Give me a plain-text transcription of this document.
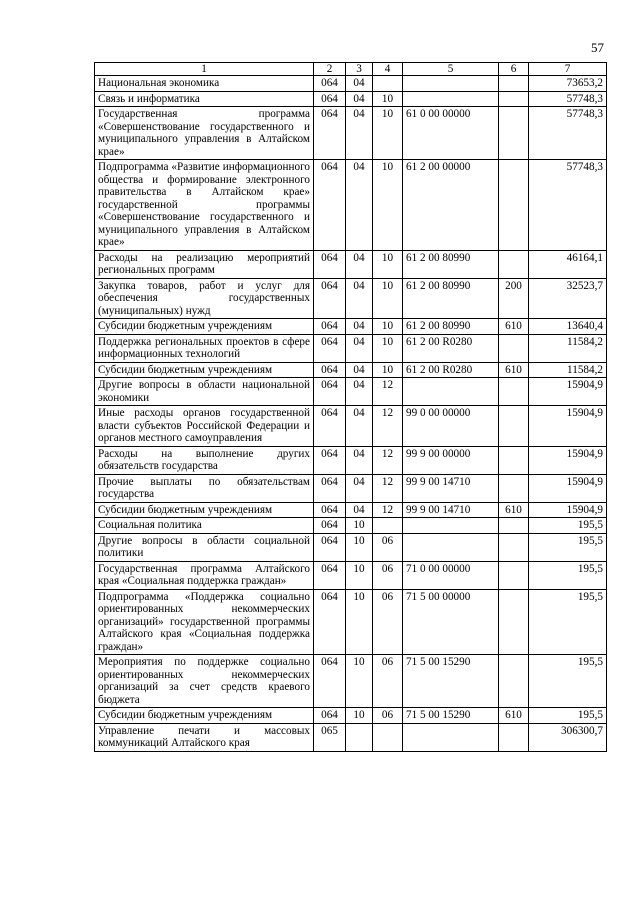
57
1	2	3	4	5	6	7
Национальная экономика	064	04				73653,2
Связь и информатика	064	04	10			57748,3
Государственная программа «Совершенствование государственного и муниципального управления в Алтайском крае»	064	04	10	61 0 00 00000		57748,3
Подпрограмма «Развитие информационного общества и формирование электронного правительства в Алтайском крае» государственной программы «Совершенствование государственного и муниципального управления в Алтайском крае»	064	04	10	61 2 00 00000		57748,3
Расходы на реализацию мероприятий региональных программ	064	04	10	61 2 00 80990		46164,1
Закупка товаров, работ и услуг для обеспечения государственных (муниципальных) нужд	064	04	10	61 2 00 80990	200	32523,7
Субсидии бюджетным учреждениям	064	04	10	61 2 00 80990	610	13640,4
Поддержка региональных проектов в сфере информационных технологий	064	04	10	61 2 00 R0280		11584,2
Субсидии бюджетным учреждениям	064	04	10	61 2 00 R0280	610	11584,2
Другие вопросы в области национальной экономики	064	04	12			15904,9
Иные расходы органов государственной власти субъектов Российской Федерации и органов местного самоуправления	064	04	12	99 0 00 00000		15904,9
Расходы на выполнение других обязательств государства	064	04	12	99 9 00 00000		15904,9
Прочие выплаты по обязательствам государства	064	04	12	99 9 00 14710		15904,9
Субсидии бюджетным учреждениям	064	04	12	99 9 00 14710	610	15904,9
Социальная политика	064	10				195,5
Другие вопросы в области социальной политики	064	10	06			195,5
Государственная программа Алтайского края «Социальная поддержка граждан»	064	10	06	71 0 00 00000		195,5
Подпрограмма «Поддержка социально ориентированных некоммерческих организаций» государственной программы Алтайского края «Социальная поддержка граждан»	064	10	06	71 5 00 00000		195,5
Мероприятия по поддержке социально ориентированных некоммерческих организаций за счет средств краевого бюджета	064	10	06	71 5 00 15290		195,5
Субсидии бюджетным учреждениям	064	10	06	71 5 00 15290	610	195,5
Управление печати и массовых коммуникаций Алтайского края	065					306300,7
